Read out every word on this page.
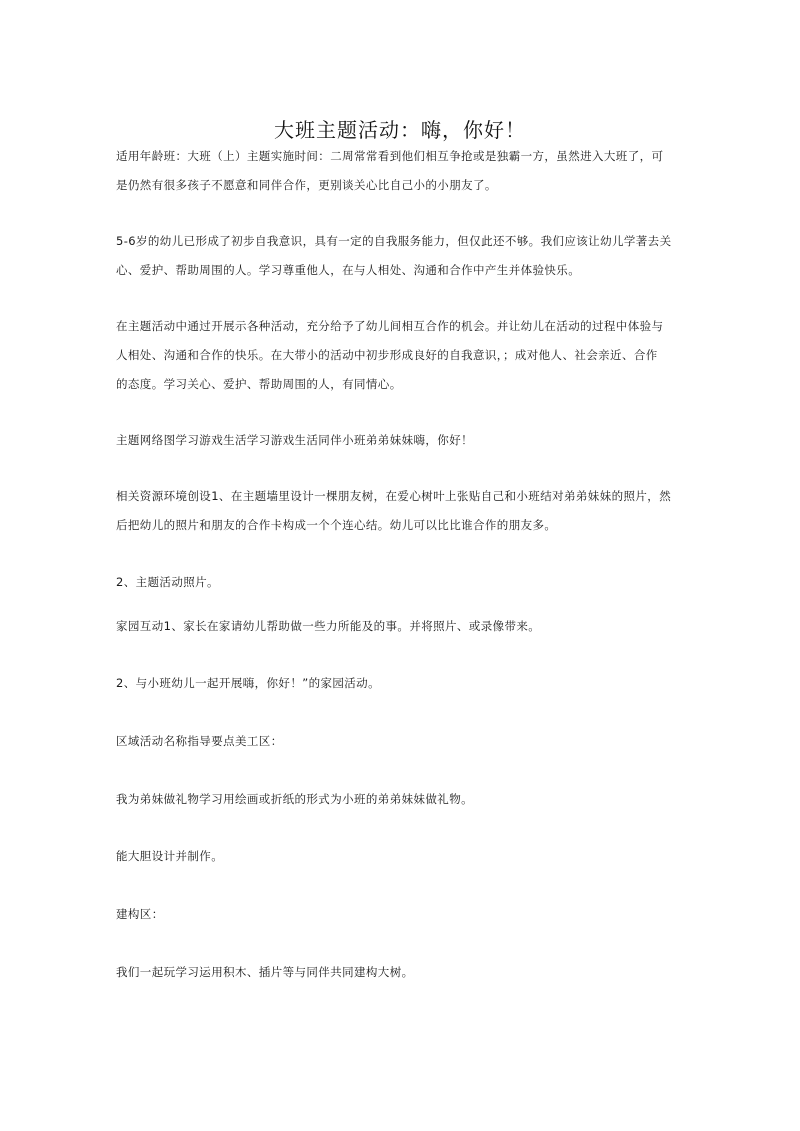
大班主题活动：嗨，你好！
适用年龄班：大班（上）主题实施时间：二周常常看到他们相互争抢或是独霸一方，虽然进入大班了，可
是仍然有很多孩子不愿意和同伴合作，更别谈关心比自己小的小朋友了。
5-6岁的幼儿已形成了初步自我意识，具有一定的自我服务能力，但仅此还不够。我们应该让幼儿学著去关
心、爱护、帮助周围的人。学习尊重他人，在与人相处、沟通和合作中产生并体验快乐。
在主题活动中通过开展示各种活动，充分给予了幼儿间相互合作的机会。并让幼儿在活动的过程中体验与
人相处、沟通和合作的快乐。在大带小的活动中初步形成良好的自我意识，；成对他人、社会亲近、合作
的态度。学习关心、爱护、帮助周围的人，有同情心。
主题网络图学习游戏生活学习游戏生活同伴小班弟弟妹妹嗨，你好！
相关资源环境创设1、在主题墙里设计一棵朋友树，在爱心树叶上张贴自己和小班结对弟弟妹妹的照片，然
后把幼儿的照片和朋友的合作卡构成一个个连心结。幼儿可以比比谁合作的朋友多。
2、主题活动照片。
家园互动1、家长在家请幼儿帮助做一些力所能及的事。并将照片、或录像带来。
2、与小班幼儿一起开展嗨，你好！”的家园活动。
区域活动名称指导要点美工区：
我为弟妹做礼物学习用绘画或折纸的形式为小班的弟弟妹妹做礼物。
能大胆设计并制作。
建构区：
我们一起玩学习运用积木、插片等与同伴共同建构大树。
